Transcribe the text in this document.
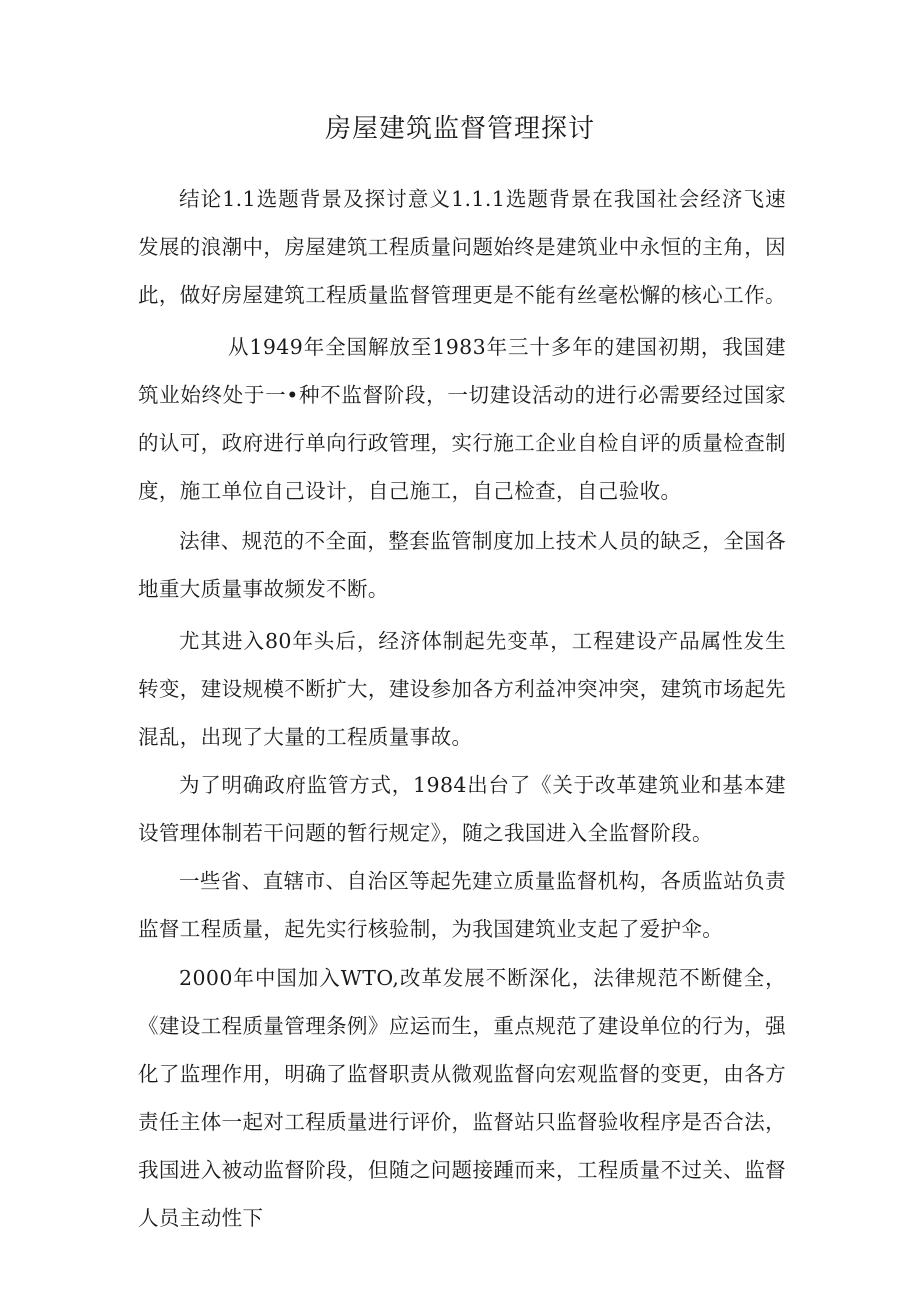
房屋建筑监督管理探讨

结论1.1选题背景及探讨意义1.1.1选题背景在我国社会经济飞速发展的浪潮中，房屋建筑工程质量问题始终是建筑业中永恒的主角，因此，做好房屋建筑工程质量监督管理更是不能有丝毫松懈的核心工作。

从1949年全国解放至1983年三十多年的建国初期，我国建筑业始终处于一•种不监督阶段，一切建设活动的进行必需要经过国家的认可，政府进行单向行政管理，实行施工企业自检自评的质量检查制度，施工单位自己设计，自己施工，自己检查，自己验收。

法律、规范的不全面，整套监管制度加上技术人员的缺乏，全国各地重大质量事故频发不断。

尤其进入80年头后，经济体制起先变革，工程建设产品属性发生转变，建设规模不断扩大，建设参加各方利益冲突冲突，建筑市场起先混乱，出现了大量的工程质量事故。

为了明确政府监管方式，1984出台了《关于改革建筑业和基本建设管理体制若干问题的暂行规定》，随之我国进入全监督阶段。

一些省、直辖市、自治区等起先建立质量监督机构，各质监站负责监督工程质量，起先实行核验制，为我国建筑业支起了爱护伞。

2000年中国加入WTO,改革发展不断深化，法律规范不断健全，《建设工程质量管理条例》应运而生，重点规范了建设单位的行为，强化了监理作用，明确了监督职责从微观监督向宏观监督的变更，由各方责任主体一起对工程质量进行评价，监督站只监督验收程序是否合法，我国进入被动监督阶段，但随之问题接踵而来，工程质量不过关、监督人员主动性下
